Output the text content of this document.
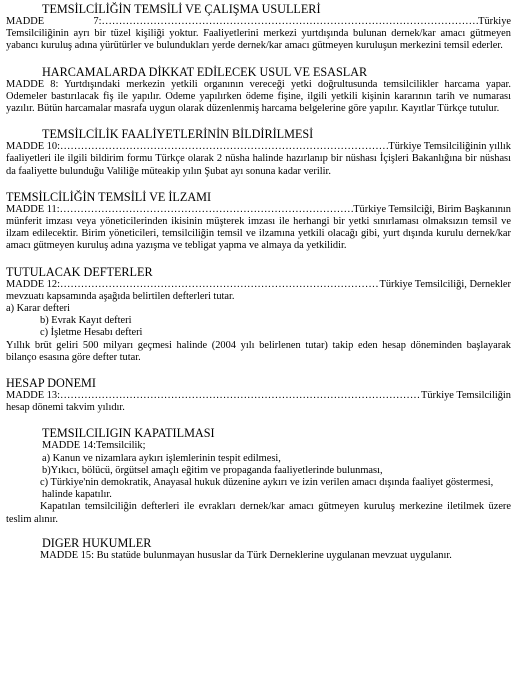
TEMSİLCİLİĞİN TEMSİLİ VE ÇALIŞMA USULLERİ
MADDE	7: ……………………………………………………………………………………………………………………………………………	Türkiye

Temsilciliğinin ayrı bir tüzel kişiliği yoktur. Faaliyetlerini merkezi yurtdışında bulunan dernek/kar amacı gütmeyen yabancı kuruluş adına yürütürler ve bulundukları yerde dernek/kar amacı gütmeyen kuruluşun merkezini temsil ederler.

HARCAMALARDA DİKKAT EDİLECEK USUL VE ESASLAR

MADDE 8: Yurtdışındaki merkezin yetkili organının vereceği yetki doğrultusunda temsilcilikler harcama yapar. Odemeler bastırılacak fiş ile yapılır. Odeme yapılırken ödeme fişine, ilgili yetkili kişinin kararının tarih ve numarası yazılır. Bütün harcamalar masrafa uygun olarak düzenlenmiş harcama belgelerine göre yapılır. Kayıtlar Türkçe tutulur.

TEMSİLCİLİK FAALİYETLERİNİN BİLDİRİLMESİ
MADDE 10: ……………………………………………………………………………………………………………………………………………	Türkiye Temsilciliğinin yıllık

faaliyetleri ile ilgili bildirim formu Türkçe olarak 2 nüsha halinde hazırlanıp bir nüshası İçişleri Bakanlığına bir nüshası da faaliyette bulunduğu Valiliğe müteakip yılın Şubat ayı sonuna kadar verilir.

TEMSİLCİLİĞİN TEMSİLİ VE İLZAMI
MADDE 11: ……………………………………………………………………………………………………………………………………………	Türkiye Temsilciği, Birim Başkanının

münferit imzası veya yöneticilerinden ikisinin müşterek imzası ile herhangi bir yetki sınırlaması olmaksızın temsil ve ilzam edilecektir. Birim yöneticileri, temsilciliğin temsil ve ilzamına yetkili olacağı gibi, yurt dışında kurulu dernek/kar amacı gütmeyen kuruluş adına yazışma ve tebligat yapma ve almaya da yetkilidir.

TUTULACAK DEFTERLER
MADDE 12: ……………………………………………………………………………………………………………………………………………	Türkiye Temsilciliği, Dernekler
mevzuatı kapsamında aşağıda belirtilen defterleri tutar.
a) Karar defteri
b) Evrak Kayıt defteri
c) İşletme Hesabı defteri

Yıllık brüt geliri 500 milyarı geçmesi halinde (2004 yılı belirlenen tutar) takip eden hesap döneminden başlayarak bilanço esasına göre defter tutar.

HESAP DONEMI
MADDE 13: ……………………………………………………………………………………………………………………………………………	Türkiye Temsilciliğin
hesap dönemi takvim yılıdır.
TEMSILCILIGIN KAPATILMASI
MADDE 14:Temsilcilik;
a) Kanun ve nizamlara aykırı işlemlerinin tespit edilmesi,
b)Yıkıcı, bölücü, örgütsel amaçlı eğitim ve propaganda faaliyetlerinde bulunması,

c) Türkiye'nin demokratik, Anayasal hukuk düzenine aykırı ve izin verilen amacı dışında faaliyet göstermesi,

halinde kapatılır.

Kapatılan temsilciliğin defterleri ile evrakları dernek/kar amacı gütmeyen kuruluş merkezine iletilmek üzere teslim alınır.

DIGER HUKUMLER

MADDE 15: Bu statüde bulunmayan hususlar da Türk Derneklerine uygulanan mevzuat uygulanır.
